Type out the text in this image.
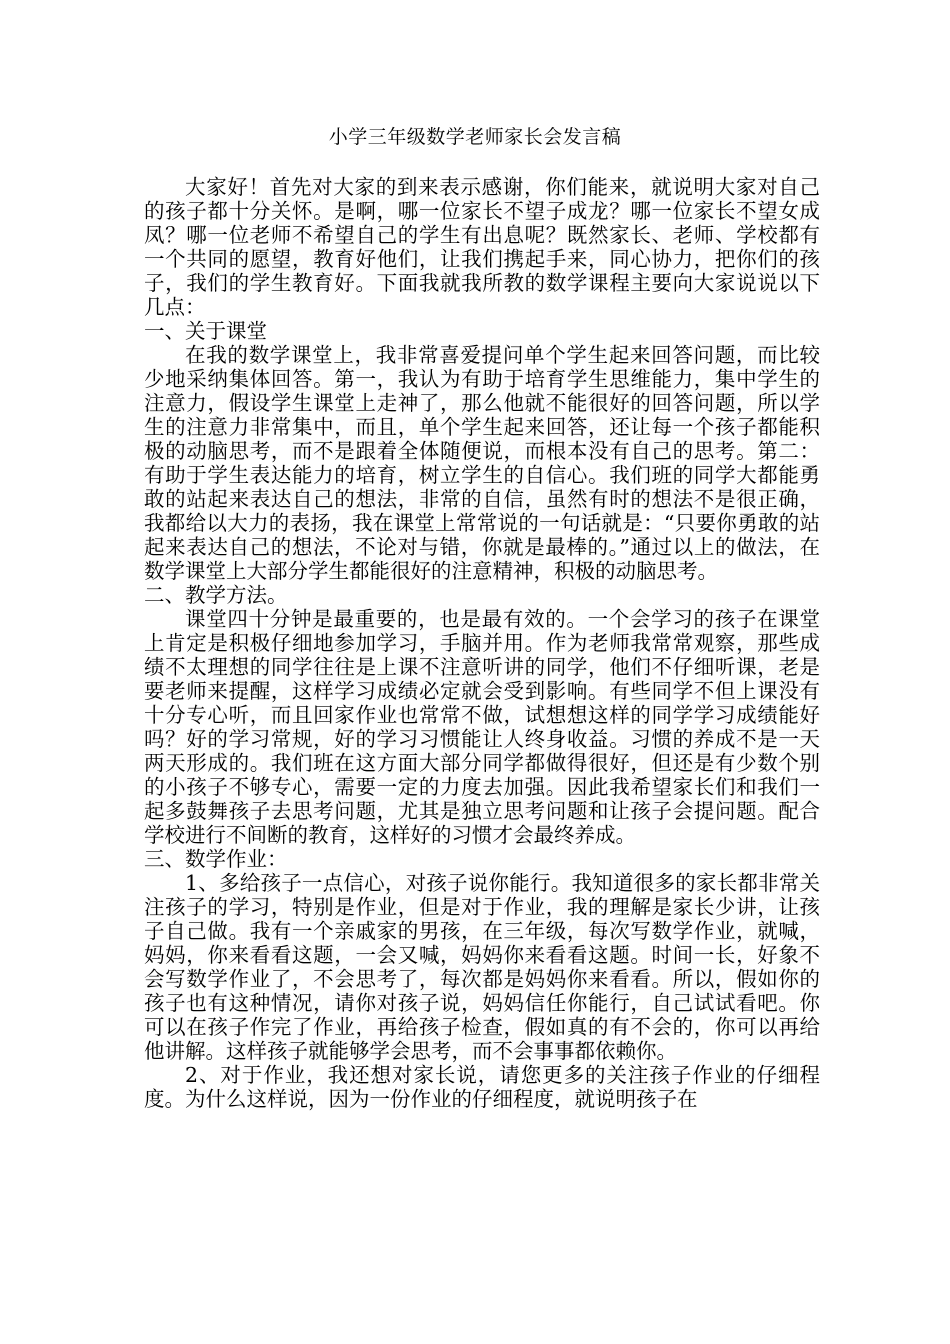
小学三年级数学老师家长会发言稿

大家好！首先对大家的到来表示感谢，你们能来，就说明大家对自己的孩子都十分关怀。是啊，哪一位家长不望子成龙？哪一位家长不望女成凤？哪一位老师不希望自己的学生有出息呢？既然家长、老师、学校都有一个共同的愿望，教育好他们，让我们携起手来，同心协力，把你们的孩子，我们的学生教育好。下面我就我所教的数学课程主要向大家说说以下几点：

一、关于课堂

在我的数学课堂上，我非常喜爱提问单个学生起来回答问题，而比较少地采纳集体回答。第一，我认为有助于培育学生思维能力，集中学生的注意力，假设学生课堂上走神了，那么他就不能很好的回答问题，所以学生的注意力非常集中，而且，单个学生起来回答，还让每一个孩子都能积极的动脑思考，而不是跟着全体随便说，而根本没有自己的思考。第二：有助于学生表达能力的培育，树立学生的自信心。我们班的同学大都能勇敢的站起来表达自己的想法，非常的自信，虽然有时的想法不是很正确，我都给以大力的表扬，我在课堂上常常说的一句话就是：“只要你勇敢的站起来表达自己的想法，不论对与错，你就是最棒的。”通过以上的做法，在数学课堂上大部分学生都能很好的注意精神，积极的动脑思考。

二、教学方法。

课堂四十分钟是最重要的，也是最有效的。一个会学习的孩子在课堂上肯定是积极仔细地参加学习，手脑并用。作为老师我常常观察，那些成绩不太理想的同学往往是上课不注意听讲的同学，他们不仔细听课，老是要老师来提醒，这样学习成绩必定就会受到影响。有些同学不但上课没有十分专心听，而且回家作业也常常不做，试想想这样的同学学习成绩能好吗？好的学习常规，好的学习习惯能让人终身收益。习惯的养成不是一天两天形成的。我们班在这方面大部分同学都做得很好，但还是有少数个别的小孩子不够专心，需要一定的力度去加强。因此我希望家长们和我们一起多鼓舞孩子去思考问题，尤其是独立思考问题和让孩子会提问题。配合学校进行不间断的教育，这样好的习惯才会最终养成。

三、数学作业：

1、多给孩子一点信心，对孩子说你能行。我知道很多的家长都非常关注孩子的学习，特别是作业，但是对于作业，我的理解是家长少讲，让孩子自己做。我有一个亲戚家的男孩，在三年级，每次写数学作业，就喊，妈妈，你来看看这题，一会又喊，妈妈你来看看这题。时间一长，好象不会写数学作业了，不会思考了，每次都是妈妈你来看看。所以，假如你的孩子也有这种情况，请你对孩子说，妈妈信任你能行，自己试试看吧。你可以在孩子作完了作业，再给孩子检查，假如真的有不会的，你可以再给他讲解。这样孩子就能够学会思考，而不会事事都依赖你。

2、对于作业，我还想对家长说，请您更多的关注孩子作业的仔细程度。为什么这样说，因为一份作业的仔细程度，就说明孩子在
